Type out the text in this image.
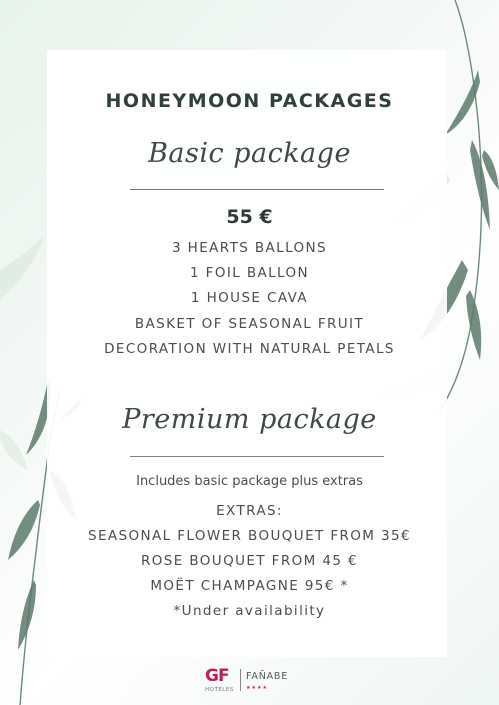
HONEYMOON PACKAGES
Basic package
55 €
3 HEARTS BALLONS
1 FOIL BALLON
1 HOUSE CAVA
BASKET OF SEASONAL FRUIT
DECORATION WITH NATURAL PETALS
Premium package
Includes basic package plus extras
EXTRAS:
SEASONAL FLOWER BOUQUET FROM 35€
ROSE BOUQUET FROM 45 €
MOËT CHAMPAGNE 95€ *
*Under availability
GF
HOTELES
FAÑABE
★★★★
